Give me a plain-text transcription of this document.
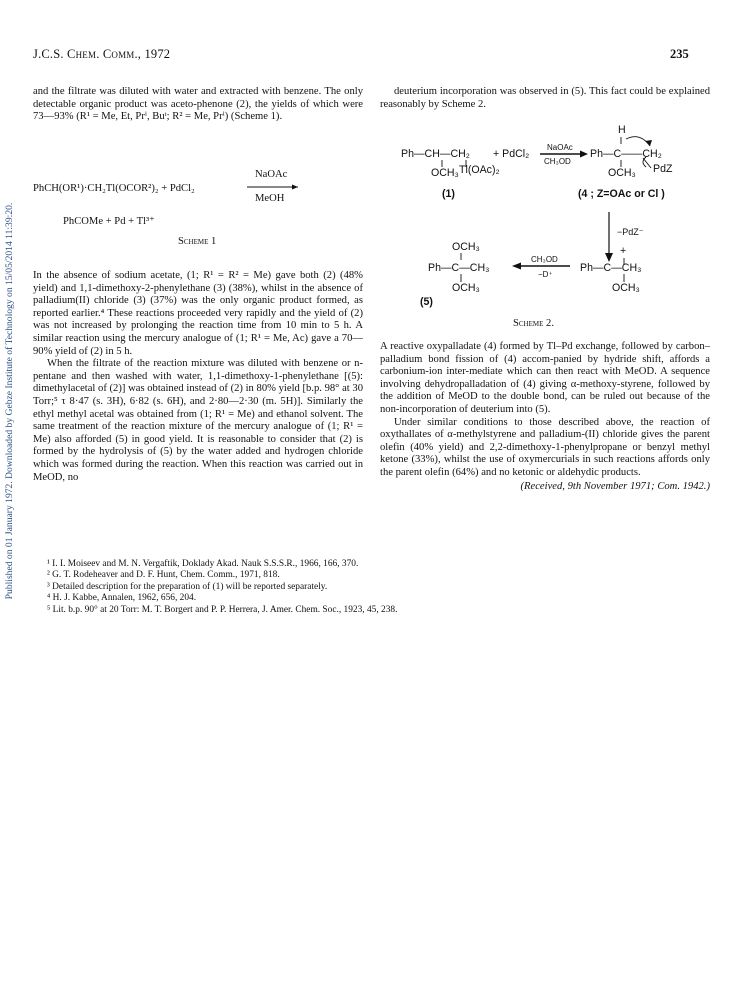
Published on 01 January 1972. Downloaded by Gebze Institute of Technology on 15/05/2014 11:39:20.
J.C.S. Chem. Comm., 1972	235

and the filtrate was diluted with water and extracted with benzene. The only detectable organic product was aceto-phenone (2), the yields of which were 73—93% (R¹ = Me, Et, Prⁱ, Buᵗ; R² = Me, Prⁱ) (Scheme 1).

NaOAc
PhCH(OR¹)·CH₂Tl(OCOR²)₂ + PdCl₂
MeOH
PhCOMe + Pd + Tl³⁺
Scheme 1

In the absence of sodium acetate, (1; R¹ = R² = Me) gave both (2) (48% yield) and 1,1-dimethoxy-2-phenylethane (3) (38%), whilst in the absence of palladium(II) chloride (3) (37%) was the only organic product formed, as reported earlier.⁴ These reactions proceeded very rapidly and the yield of (2) was not increased by prolonging the reaction time from 10 min to 5 h. A similar reaction using the mercury analogue of (1; R¹ = Me, Ac) gave a 70—90% yield of (2) in 5 h.

When the filtrate of the reaction mixture was diluted with benzene or n-pentane and then washed with water, 1,1-dimethoxy-1-phenylethane [(5): dimethylacetal of (2)] was obtained instead of (2) in 80% yield [b.p. 98° at 30 Torr;⁵ τ 8·47 (s. 3H), 6·82 (s. 6H), and 2·80—2·30 (m. 5H)]. Similarly the ethyl methyl acetal was obtained from (1; R¹ = Me) and ethanol solvent. The same treatment of the reaction mixture of the mercury analogue of (1; R¹ = Me) also afforded (5) in good yield. It is reasonable to consider that (2) is formed by the hydrolysis of (5) by the water added and hydrogen chloride which was formed during the reaction. When this reaction was carried out in MeOD, no

deuterium incorporation was observed in (5). This fact could be explained reasonably by Scheme 2.

Ph—CH—CH₂
OCH₃ Tl(OAc)₂
+ PdCl₂
NaOAc
CH₃OD
(1)
H
Ph—C——CH₂
OCH₃ PdZ
(4 ; Z=OAc or Cl )
−PdZ⁻
+
Ph—C—CH₃
OCH₃
CH₃OD
−D⁺
OCH₃
Ph—C—CH₃
OCH₃
(5)
Scheme 2.

A reactive oxypalladate (4) formed by Tl–Pd exchange, followed by carbon–palladium bond fission of (4) accom-panied by hydride shift, affords a carbonium-ion inter-mediate which can then react with MeOD. A sequence involving dehydropalladation of (4) giving α-methoxy-styrene, followed by the addition of MeOD to the double bond, can be ruled out because of the non-incorporation of deuterium into (5).

Under similar conditions to those described above, the reaction of oxythallates of α-methylstyrene and palladium-(II) chloride gives the parent olefin (40% yield) and 2,2-dimethoxy-1-phenylpropane or benzyl methyl ketone (33%), whilst the use of oxymercurials in such reactions affords only the parent olefin (64%) and no ketonic or aldehydic products.

(Received, 9th November 1971; Com. 1942.)

¹ I. I. Moiseev and M. N. Vergaftik, Doklady Akad. Nauk S.S.S.R., 1966, 166, 370.
² G. T. Rodeheaver and D. F. Hunt, Chem. Comm., 1971, 818.
³ Detailed description for the preparation of (1) will be reported separately.
⁴ H. J. Kabbe, Annalen, 1962, 656, 204.
⁵ Lit. b.p. 90° at 20 Torr: M. T. Borgert and P. P. Herrera, J. Amer. Chem. Soc., 1923, 45, 238.
